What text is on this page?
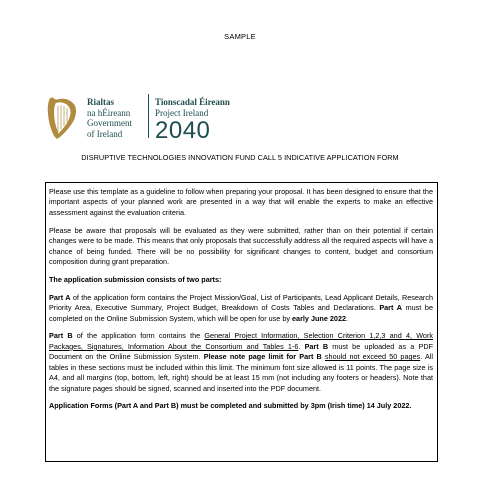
SAMPLE
Rialtas
na hÉireann
Government
of Ireland
Tionscadal Éireann
Project Ireland
2040
DISRUPTIVE TECHNOLOGIES INNOVATION FUND CALL 5 INDICATIVE APPLICATION FORM

Please use this template as a guideline to follow when preparing your proposal. It has been designed to ensure that the important aspects of your planned work are presented in a way that will enable the experts to make an effective assessment against the evaluation criteria.

Please be aware that proposals will be evaluated as they were submitted, rather than on their potential if certain changes were to be made. This means that only proposals that successfully address all the required aspects will have a chance of being funded. There will be no possibility for significant changes to content, budget and consortium composition during grant preparation.

The application submission consists of two parts:

Part A of the application form contains the Project Mission/Goal, List of Participants, Lead Applicant Details, Research Priority Area, Executive Summary, Project Budget, Breakdown of Costs Tables and Declarations. Part A must be completed on the Online Submission System, which will be open for use by early June 2022.

Part B of the application form contains the General Project Information, Selection Criterion 1,2,3 and 4, Work Packages, Signatures, Information About the Consortium and Tables 1-6. Part B must be uploaded as a PDF Document on the Online Submission System. Please note page limit for Part B should not exceed 50 pages. All tables in these sections must be included within this limit. The minimum font size allowed is 11 points. The page size is A4, and all margins (top, bottom, left, right) should be at least 15 mm (not including any footers or headers). Note that the signature pages should be signed, scanned and inserted into the PDF document.

Application Forms (Part A and Part B) must be completed and submitted by 3pm (Irish time) 14 July 2022.
